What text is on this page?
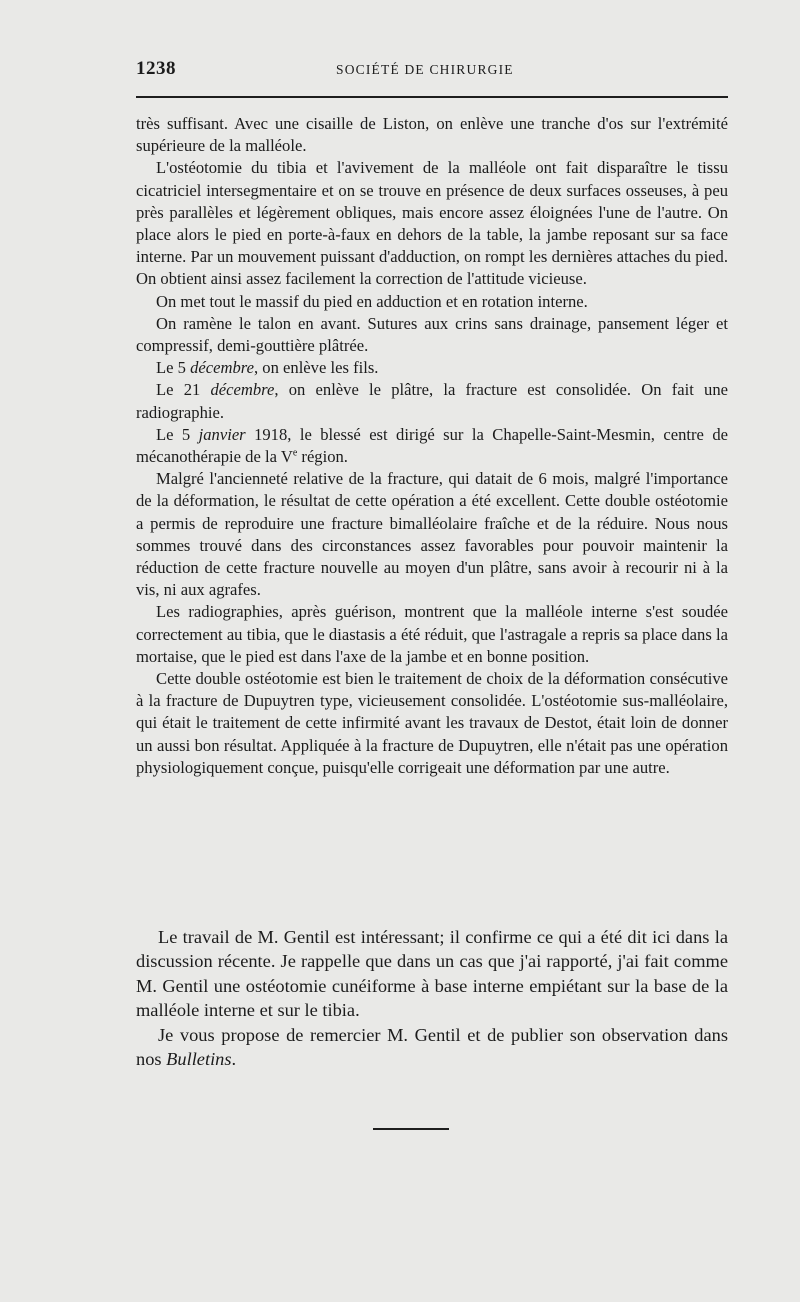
1238	SOCIÉTÉ DE CHIRURGIE

très suffisant. Avec une cisaille de Liston, on enlève une tranche d'os sur l'extrémité supérieure de la malléole.

L'ostéotomie du tibia et l'avivement de la malléole ont fait disparaître le tissu cicatriciel intersegmentaire et on se trouve en présence de deux surfaces osseuses, à peu près parallèles et légèrement obliques, mais encore assez éloignées l'une de l'autre. On place alors le pied en porte-à-faux en dehors de la table, la jambe reposant sur sa face interne. Par un mouvement puissant d'adduction, on rompt les dernières attaches du pied. On obtient ainsi assez facilement la correction de l'attitude vicieuse.

On met tout le massif du pied en adduction et en rotation interne.

On ramène le talon en avant. Sutures aux crins sans drainage, pansement léger et compressif, demi-gouttière plâtrée.

Le 5 décembre, on enlève les fils.

Le 21 décembre, on enlève le plâtre, la fracture est consolidée. On fait une radiographie.

Le 5 janvier 1918, le blessé est dirigé sur la Chapelle-Saint-Mesmin, centre de mécanothérapie de la Ve région.

Malgré l'ancienneté relative de la fracture, qui datait de 6 mois, malgré l'importance de la déformation, le résultat de cette opération a été excellent. Cette double ostéotomie a permis de reproduire une fracture bimalléolaire fraîche et de la réduire. Nous nous sommes trouvé dans des circonstances assez favorables pour pouvoir maintenir la réduction de cette fracture nouvelle au moyen d'un plâtre, sans avoir à recourir ni à la vis, ni aux agrafes.

Les radiographies, après guérison, montrent que la malléole interne s'est soudée correctement au tibia, que le diastasis a été réduit, que l'astragale a repris sa place dans la mortaise, que le pied est dans l'axe de la jambe et en bonne position.

Cette double ostéotomie est bien le traitement de choix de la déformation consécutive à la fracture de Dupuytren type, vicieusement consolidée. L'ostéotomie sus-malléolaire, qui était le traitement de cette infirmité avant les travaux de Destot, était loin de donner un aussi bon résultat. Appliquée à la fracture de Dupuytren, elle n'était pas une opération physiologiquement conçue, puisqu'elle corrigeait une déformation par une autre.

Le travail de M. Gentil est intéressant; il confirme ce qui a été dit ici dans la discussion récente. Je rappelle que dans un cas que j'ai rapporté, j'ai fait comme M. Gentil une ostéotomie cunéiforme à base interne empiétant sur la base de la malléole interne et sur le tibia.

Je vous propose de remercier M. Gentil et de publier son observation dans nos Bulletins.
